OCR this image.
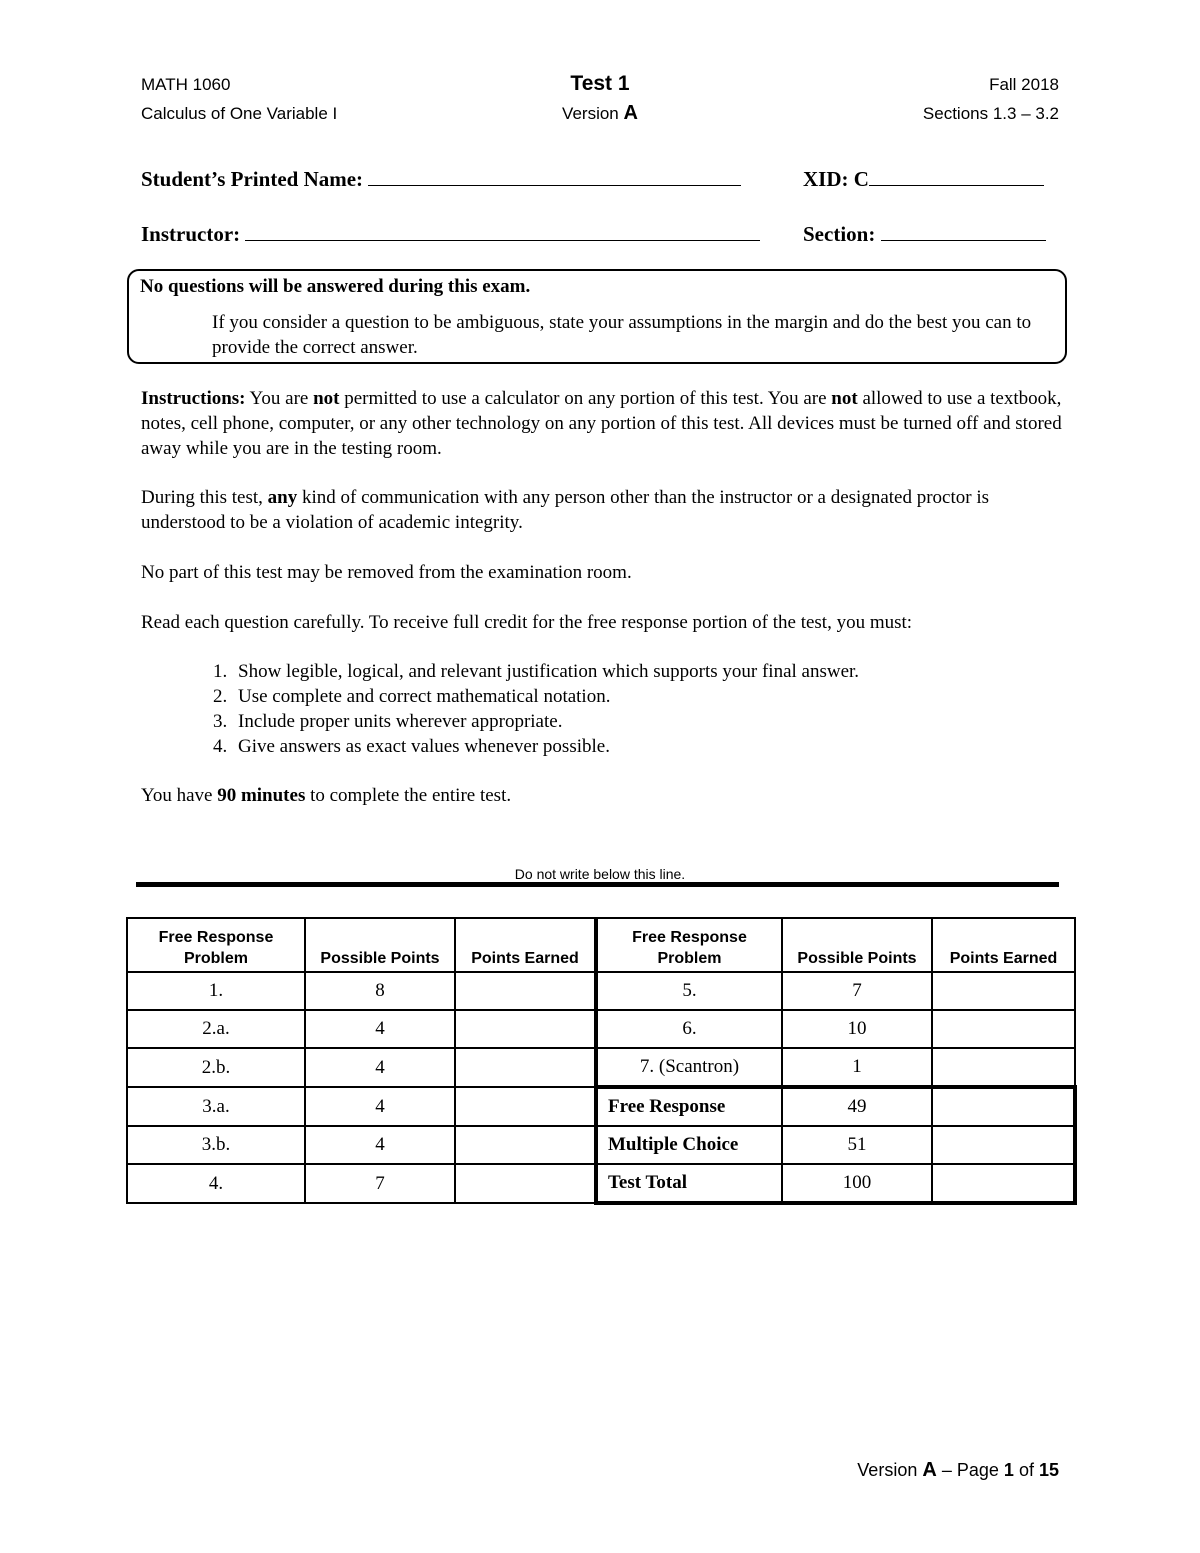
MATH 1060
Calculus of One Variable I
Test 1
Version A
Fall 2018
Sections 1.3 – 3.2
Student’s Printed Name:	XID: C
Instructor:	Section:
No questions will be answered during this exam.
If you consider a question to be ambiguous, state your assumptions in the margin and do the best you can to provide the correct answer.
Instructions: You are not permitted to use a calculator on any portion of this test. You are not allowed to use a textbook, notes, cell phone, computer, or any other technology on any portion of this test. All devices must be turned off and stored away while you are in the testing room.
During this test, any kind of communication with any person other than the instructor or a designated proctor is understood to be a violation of academic integrity.
No part of this test may be removed from the examination room.
Read each question carefully. To receive full credit for the free response portion of the test, you must:
1. Show legible, logical, and relevant justification which supports your final answer.
2. Use complete and correct mathematical notation.
3. Include proper units wherever appropriate.
4. Give answers as exact values whenever possible.
You have 90 minutes to complete the entire test.
Do not write below this line.
Free Response Problem	Possible Points	Points Earned	Free Response Problem	Possible Points	Points Earned
1.	8		5.	7	
2.a.	4		6.	10	
2.b.	4		7. (Scantron)	1	
3.a.	4		Free Response	49	
3.b.	4		Multiple Choice	51	
4.	7		Test Total	100	
Version A – Page 1 of 15
